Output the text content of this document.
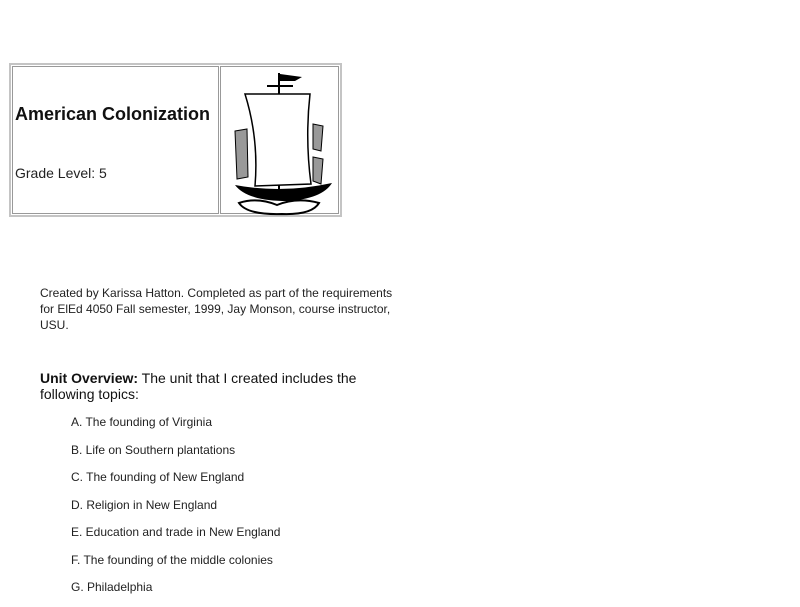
American Colonization
Grade Level: 5
Created by Karissa Hatton. Completed as part of the requirements for ElEd 4050 Fall semester, 1999, Jay Monson, course instructor, USU.
Unit Overview: The unit that I created includes the following topics:
A. The founding of Virginia
B. Life on Southern plantations
C. The founding of New England
D. Religion in New England
E. Education and trade in New England
F. The founding of the middle colonies
G. Philadelphia
